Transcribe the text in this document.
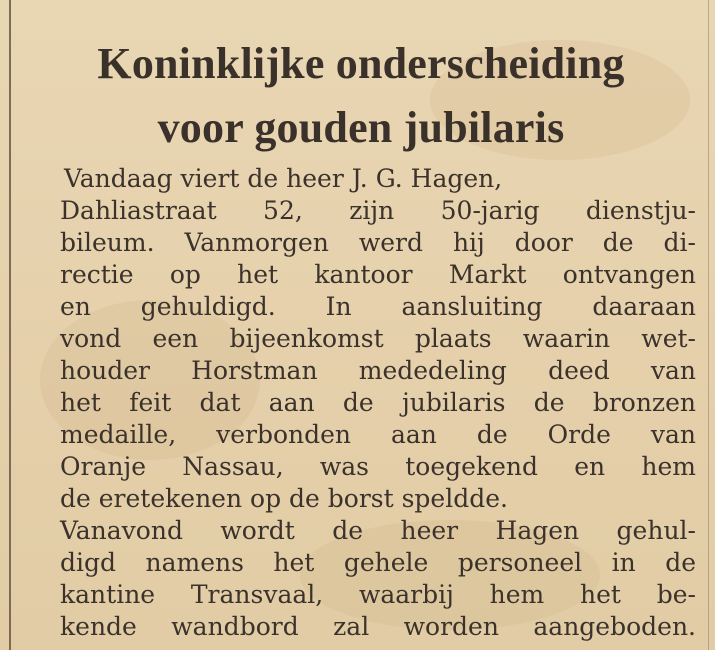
Koninklijke onderscheiding
voor gouden jubilaris
Vandaag viert de heer J. G. Hagen,
Dahliastraat 52, zijn 50-jarig dienstju-
bileum. Vanmorgen werd hij door de di-
rectie op het kantoor Markt ontvangen
en gehuldigd. In aansluiting daaraan
vond een bijeenkomst plaats waarin wet-
houder Horstman mededeling deed van
het feit dat aan de jubilaris de bronzen
medaille, verbonden aan de Orde van
Oranje Nassau, was toegekend en hem
de eretekenen op de borst speldde.
Vanavond wordt de heer Hagen gehul-
digd namens het gehele personeel in de
kantine Transvaal, waarbij hem het be-
kende wandbord zal worden aangeboden.
